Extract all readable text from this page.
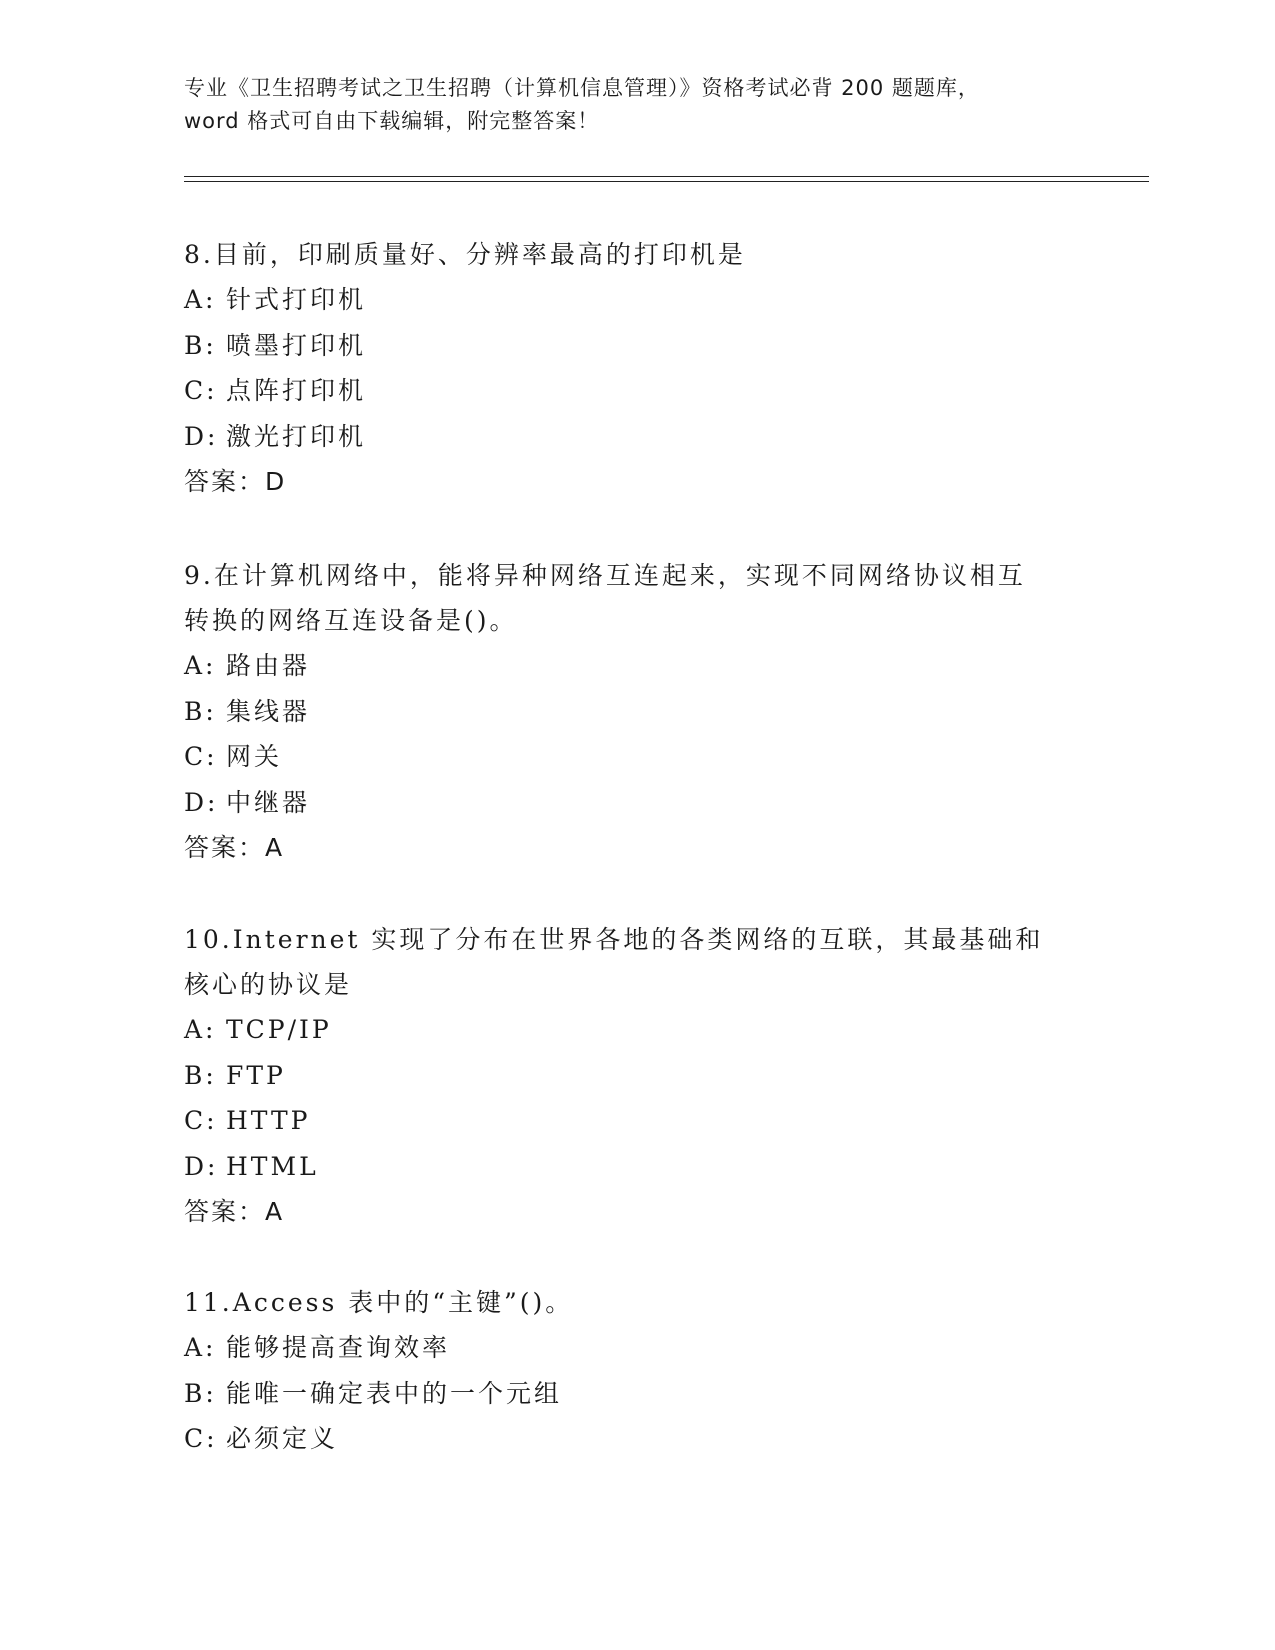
专业《卫生招聘考试之卫生招聘（计算机信息管理）》资格考试必背 200 题题库，
word 格式可自由下载编辑，附完整答案！

8.目前，印刷质量好、分辨率最高的打印机是

A: 针式打印机

B: 喷墨打印机

C: 点阵打印机

D: 激光打印机

答案：D

9.在计算机网络中，能将异种网络互连起来，实现不同网络协议相互转换的网络互连设备是()。

A: 路由器

B: 集线器

C: 网关

D: 中继器

答案：A

10.Internet 实现了分布在世界各地的各类网络的互联，其最基础和核心的协议是

A: TCP/IP

B: FTP

C: HTTP

D: HTML

答案：A

11.Access 表中的“主键”()。

A: 能够提高查询效率

B: 能唯一确定表中的一个元组

C: 必须定义
